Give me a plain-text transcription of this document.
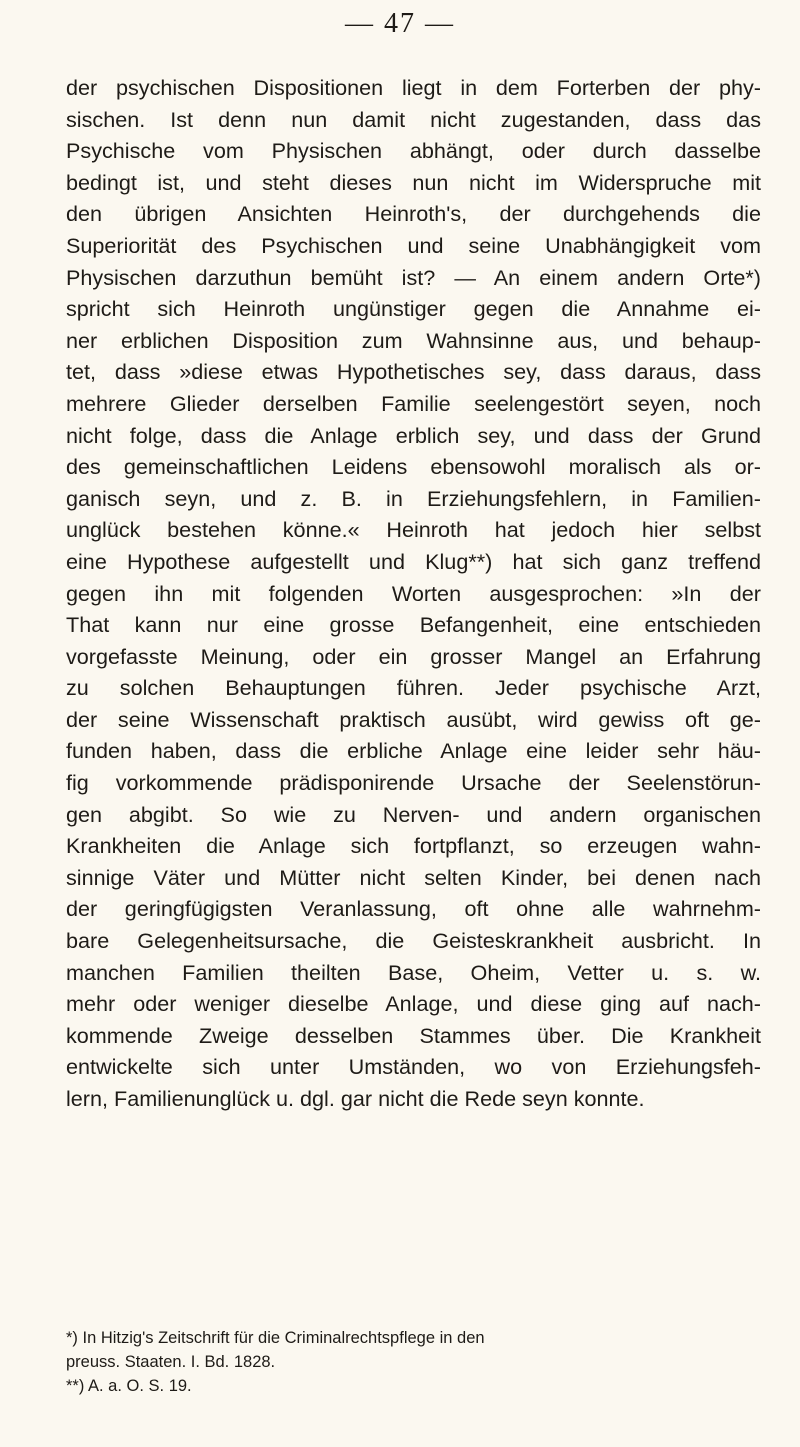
— 47 —
der psychischen Dispositionen liegt in dem Forterben der phy-
sischen. Ist denn nun damit nicht zugestanden, dass das
Psychische vom Physischen abhängt, oder durch dasselbe
bedingt ist, und steht dieses nun nicht im Widerspruche mit
den übrigen Ansichten Heinroth's, der durchgehends die
Superiorität des Psychischen und seine Unabhängigkeit vom
Physischen darzuthun bemüht ist? — An einem andern Orte*)
spricht sich Heinroth ungünstiger gegen die Annahme ei-
ner erblichen Disposition zum Wahnsinne aus, und behaup-
tet, dass »diese etwas Hypothetisches sey, dass daraus, dass
mehrere Glieder derselben Familie seelengestört seyen, noch
nicht folge, dass die Anlage erblich sey, und dass der Grund
des gemeinschaftlichen Leidens ebensowohl moralisch als or-
ganisch seyn, und z. B. in Erziehungsfehlern, in Familien-
unglück bestehen könne.« Heinroth hat jedoch hier selbst
eine Hypothese aufgestellt und Klug**) hat sich ganz treffend
gegen ihn mit folgenden Worten ausgesprochen: »In der
That kann nur eine grosse Befangenheit, eine entschieden
vorgefasste Meinung, oder ein grosser Mangel an Erfahrung
zu solchen Behauptungen führen. Jeder psychische Arzt,
der seine Wissenschaft praktisch ausübt, wird gewiss oft ge-
funden haben, dass die erbliche Anlage eine leider sehr häu-
fig vorkommende prädisponirende Ursache der Seelenstörun-
gen abgibt. So wie zu Nerven- und andern organischen
Krankheiten die Anlage sich fortpflanzt, so erzeugen wahn-
sinnige Väter und Mütter nicht selten Kinder, bei denen nach
der geringfügigsten Veranlassung, oft ohne alle wahrnehm-
bare Gelegenheitsursache, die Geisteskrankheit ausbricht. In
manchen Familien theilten Base, Oheim, Vetter u. s. w.
mehr oder weniger dieselbe Anlage, und diese ging auf nach-
kommende Zweige desselben Stammes über. Die Krankheit
entwickelte sich unter Umständen, wo von Erziehungsfeh-
lern, Familienunglück u. dgl. gar nicht die Rede seyn konnte.
*) In Hitzig's Zeitschrift für die Criminalrechtspflege in den
preuss. Staaten. I. Bd. 1828.
**) A. a. O. S. 19.
